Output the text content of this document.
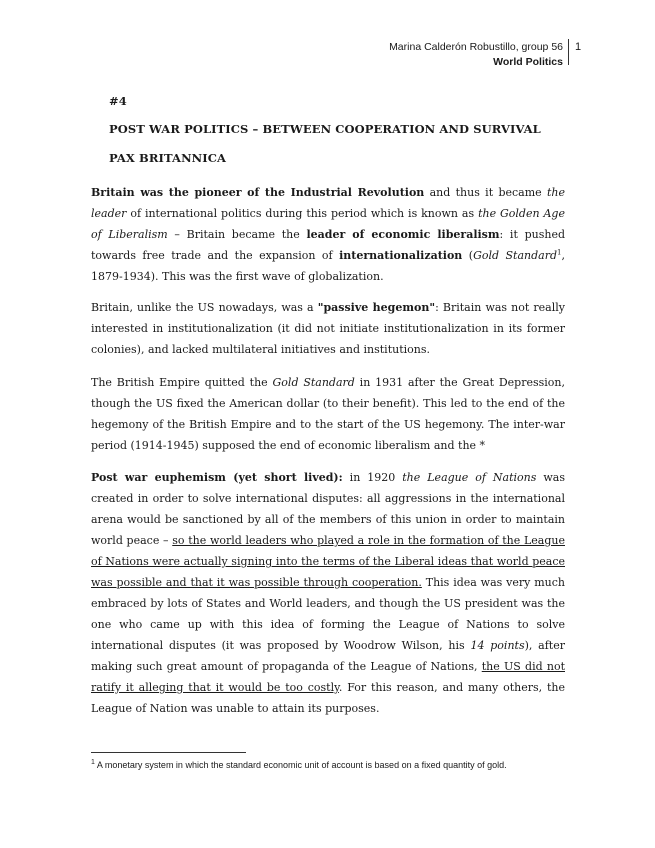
Marina Calderón Robustillo, group 56
World Politics
1
#4
POST WAR POLITICS – BETWEEN COOPERATION AND SURVIVAL
PAX BRITANNICA

Britain was the pioneer of the Industrial Revolution and thus it became the leader of international politics during this period which is known as the Golden Age of Liberalism – Britain became the leader of economic liberalism: it pushed towards free trade and the expansion of internationalization (Gold Standard$^1$, 1879-1934). This was the first wave of globalization.

Britain, unlike the US nowadays, was a "passive hegemon": Britain was not really interested in institutionalization (it did not initiate institutionalization in its former colonies), and lacked multilateral initiatives and institutions.

The British Empire quitted the Gold Standard in 1931 after the Great Depression, though the US fixed the American dollar (to their benefit). This led to the end of the hegemony of the British Empire and to the start of the US hegemony. The inter-war period (1914-1945) supposed the end of economic liberalism and the *

Post war euphemism (yet short lived): in 1920 the League of Nations was created in order to solve international disputes: all aggressions in the international arena would be sanctioned by all of the members of this union in order to maintain world peace – so the world leaders who played a role in the formation of the League of Nations were actually signing into the terms of the Liberal ideas that world peace was possible and that it was possible through cooperation. This idea was very much embraced by lots of States and World leaders, and though the US president was the one who came up with this idea of forming the League of Nations to solve international disputes (it was proposed by Woodrow Wilson, his 14 points), after making such great amount of propaganda of the League of Nations, the US did not ratify it alleging that it would be too costly. For this reason, and many others, the League of Nation was unable to attain its purposes.

$^1$ A monetary system in which the standard economic unit of account is based on a fixed quantity of gold.
